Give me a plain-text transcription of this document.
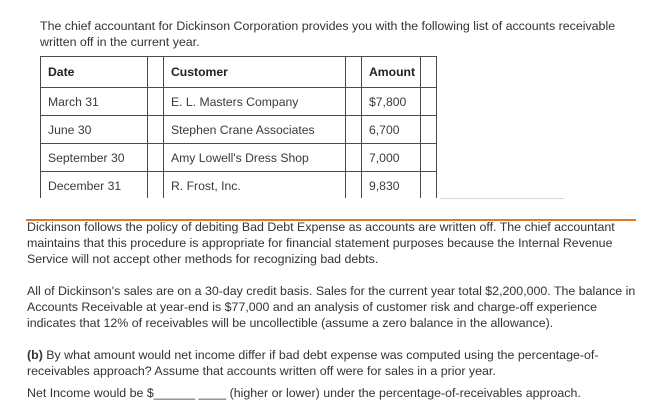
The chief accountant for Dickinson Corporation provides you with the following list of accounts receivable written off in the current year.

Date		Customer		Amount	
March 31		E. L. Masters Company		$7,800	
June 30		Stephen Crane Associates		6,700	
September 30		Amy Lowell's Dress Shop		7,000	
December 31		R. Frost, Inc.		9,830	

Dickinson follows the policy of debiting Bad Debt Expense as accounts are written off. The chief accountant maintains that this procedure is appropriate for financial statement purposes because the Internal Revenue Service will not accept other methods for recognizing bad debts.

All of Dickinson's sales are on a 30-day credit basis. Sales for the current year total $2,200,000. The balance in Accounts Receivable at year-end is $77,000 and an analysis of customer risk and charge-off experience indicates that 12% of receivables will be uncollectible (assume a zero balance in the allowance).

(b) By what amount would net income differ if bad debt expense was computed using the percentage-of-receivables approach? Assume that accounts written off were for sales in a prior year.

Net Income would be $______ ____ (higher or lower) under the percentage-of-receivables approach.
